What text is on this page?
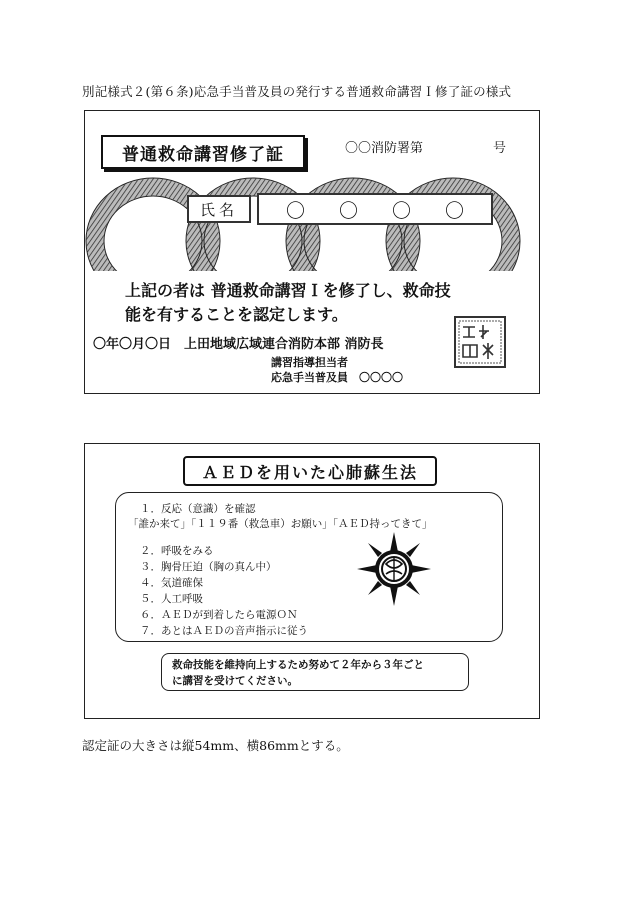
別記様式２(第６条)応急手当普及員の発行する普通救命講習Ｉ修了証の様式
普通救命講習修了証	〇〇消防署第	号
氏名	〇 〇 〇 〇
上記の者は 普通救命講習Ｉを修了し、救命技
能を有することを認定します。
〇年〇月〇日　上田地域広域連合消防本部 消防長
講習指導担当者
応急手当普及員　〇〇〇〇
ＡＥＤを用いた心肺蘇生法
１．反応（意識）を確認
「誰か来て」「１１９番（救急車）お願い」「ＡＥＤ持ってきて」
２．呼吸をみる
３．胸骨圧迫（胸の真ん中）
４．気道確保
５．人工呼吸
６．ＡＥＤが到着したら電源ＯＮ
７．あとはＡＥＤの音声指示に従う
救命技能を維持向上するため努めて２年から３年ごと
に講習を受けてください。
認定証の大きさは縦54mm、横86mmとする。
